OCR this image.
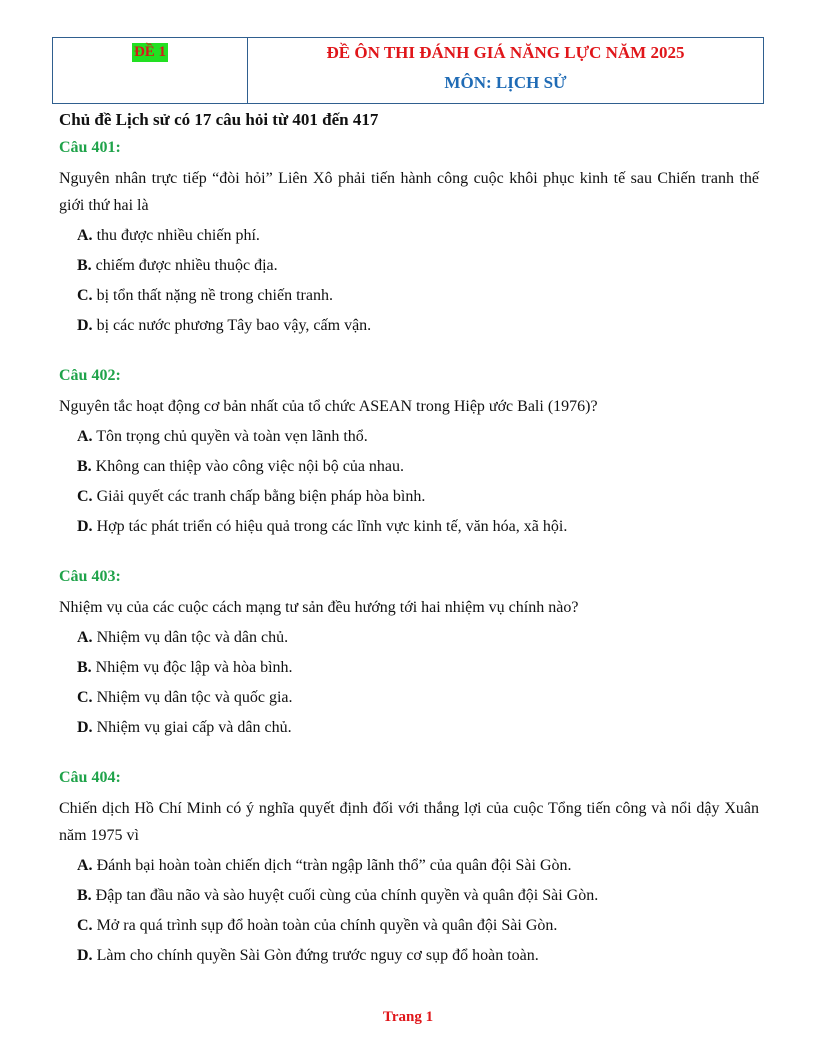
ĐỀ 1	ĐỀ ÔN THI ĐÁNH GIÁ NĂNG LỰC NĂM 2025
MÔN: LỊCH SỬ

Chủ đề Lịch sử có 17 câu hỏi từ 401 đến 417

Câu 401:

Nguyên nhân trực tiếp “đòi hỏi” Liên Xô phải tiến hành công cuộc khôi phục kinh tế sau Chiến tranh thế giới thứ hai là

A. thu được nhiều chiến phí.
B. chiếm được nhiều thuộc địa.
C. bị tổn thất nặng nề trong chiến tranh.
D. bị các nước phương Tây bao vậy, cấm vận.

Câu 402:

Nguyên tắc hoạt động cơ bản nhất của tổ chức ASEAN trong Hiệp ước Bali (1976)?

A. Tôn trọng chủ quyền và toàn vẹn lãnh thổ.
B. Không can thiệp vào công việc nội bộ của nhau.
C. Giải quyết các tranh chấp bằng biện pháp hòa bình.
D. Hợp tác phát triển có hiệu quả trong các lĩnh vực kinh tế, văn hóa, xã hội.

Câu 403:

Nhiệm vụ của các cuộc cách mạng tư sản đều hướng tới hai nhiệm vụ chính nào?

A. Nhiệm vụ dân tộc và dân chủ.
B. Nhiệm vụ độc lập và hòa bình.
C. Nhiệm vụ dân tộc và quốc gia.
D. Nhiệm vụ giai cấp và dân chủ.

Câu 404:

Chiến dịch Hồ Chí Minh có ý nghĩa quyết định đối với thắng lợi của cuộc Tổng tiến công và nổi dậy Xuân năm 1975 vì

A. Đánh bại hoàn toàn chiến dịch “tràn ngập lãnh thổ” của quân đội Sài Gòn.
B. Đập tan đầu não và sào huyệt cuối cùng của chính quyền và quân đội Sài Gòn.
C. Mở ra quá trình sụp đổ hoàn toàn của chính quyền và quân đội Sài Gòn.
D. Làm cho chính quyền Sài Gòn đứng trước nguy cơ sụp đổ hoàn toàn.
Trang 1
